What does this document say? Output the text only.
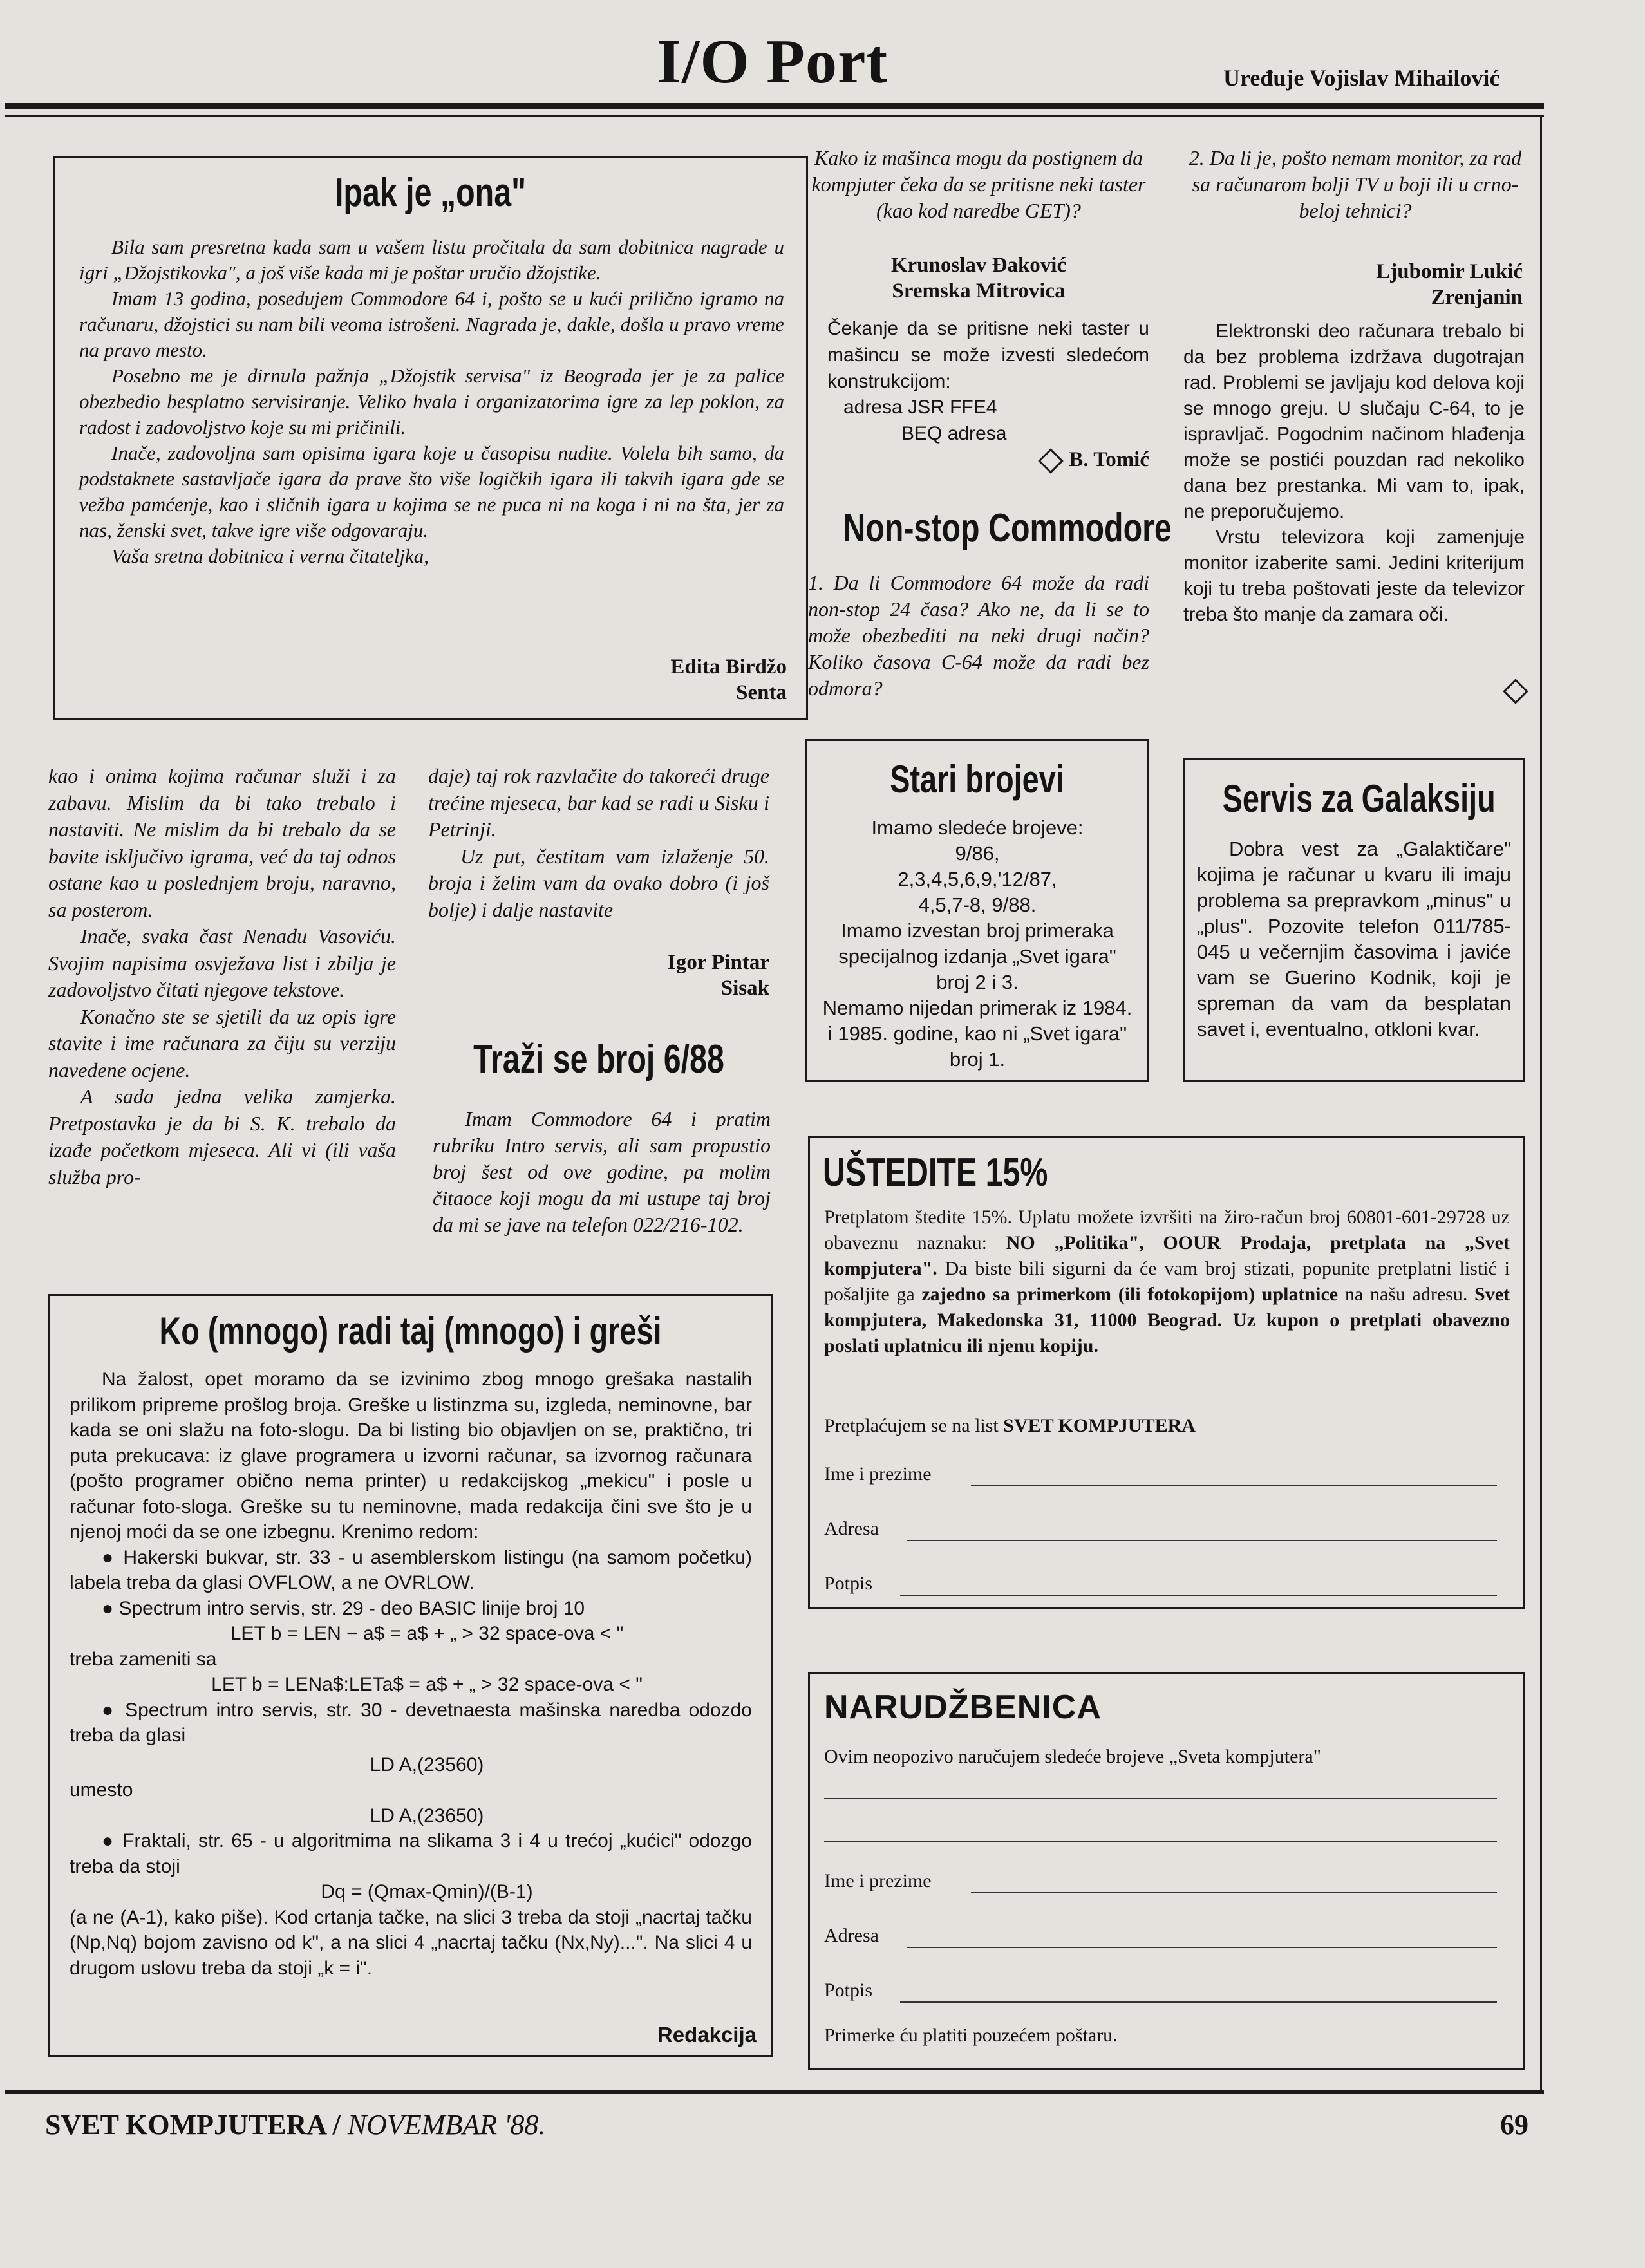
I/O Port	Uređuje Vojislav Mihailović
Ipak je „ona"

Bila sam presretna kada sam u vašem listu pročitala da sam dobitnica nagrade u igri „Džojstikovka", a još više kada mi je poštar uručio džojstike.

Imam 13 godina, posedujem Commodore 64 i, pošto se u kući prilično igramo na računaru, džojstici su nam bili veoma istrošeni. Nagrada je, dakle, došla u pravo vreme na pravo mesto.

Posebno me je dirnula pažnja „Džojstik servisa" iz Beograda jer je za palice obezbedio besplatno servisiranje. Veliko hvala i organizatorima igre za lep poklon, za radost i zadovoljstvo koje su mi pričinili.

Inače, zadovoljna sam opisima igara koje u časopisu nudite. Volela bih samo, da podstaknete sastavljače igara da prave što više logičkih igara ili takvih igara gde se vežba pamćenje, kao i sličnih igara u kojima se ne puca ni na koga i ni na šta, jer za nas, ženski svet, takve igre više odgovaraju.

Vaša sretna dobitnica i verna čitateljka,

Edita Birdžo
Senta
Kako iz mašinca mogu da postignem da kompjuter čeka da se pritisne neki taster (kao kod naredbe GET)?
Krunoslav Đaković
Sremska Mitrovica
Čekanje da se pritisne neki taster u mašincu se može izvesti sledećom konstrukcijom:
adresa JSR FFE4
BEQ adresa
B. Tomić
Non-stop Commodore
1. Da li Commodore 64 može da radi non-stop 24 časa? Ako ne, da li se to može obezbediti na neki drugi način? Koliko časova C-64 može da radi bez odmora?
2. Da li je, pošto nemam monitor, za rad sa računarom bolji TV u boji ili u crno-beloj tehnici?
Ljubomir Lukić
Zrenjanin

Elektronski deo računara trebalo bi da bez problema izdržava dugotrajan rad. Problemi se javljaju kod delova koji se mnogo greju. U slučaju C-64, to je ispravljač. Pogodnim načinom hlađenja može se postići pouzdan rad nekoliko dana bez prestanka. Mi vam to, ipak, ne preporučujemo.

Vrstu televizora koji zamenjuje monitor izaberite sami. Jedini kriterijum koji tu treba poštovati jeste da televizor treba što manje da zamara oči.

kao i onima kojima računar služi i za zabavu. Mislim da bi tako trebalo i nastaviti. Ne mislim da bi trebalo da se bavite isključivo igrama, već da taj odnos ostane kao u poslednjem broju, naravno, sa posterom.

Inače, svaka čast Nenadu Vasoviću. Svojim napisima osvježava list i zbilja je zadovoljstvo čitati njegove tekstove.

Konačno ste se sjetili da uz opis igre stavite i ime računara za čiju su verziju navedene ocjene.

A sada jedna velika zamjerka. Pretpostavka je da bi S. K. trebalo da izađe početkom mjeseca. Ali vi (ili vaša služba pro-

daje) taj rok razvlačite do takoreći druge trećine mjeseca, bar kad se radi u Sisku i Petrinji.

Uz put, čestitam vam izlaženje 50. broja i želim vam da ovako dobro (i još bolje) i dalje nastavite

Igor Pintar
Sisak
Traži se broj 6/88

Imam Commodore 64 i pratim rubriku Intro servis, ali sam propustio broj šest od ove godine, pa molim čitaoce koji mogu da mi ustupe taj broj da mi se jave na telefon 022/216-102.

Stari brojevi
Imamo sledeće brojeve:
9/86,
2,3,4,5,6,9,'12/87,
4,5,7-8, 9/88.
Imamo izvestan broj primeraka specijalnog izdanja „Svet igara" broj 2 i 3.
Nemamo nijedan primerak iz 1984. i 1985. godine, kao ni „Svet igara" broj 1.
Servis za Galaksiju

Dobra vest za „Galaktičare" kojima je računar u kvaru ili imaju problema sa prepravkom „minus" u „plus". Pozovite telefon 011/785-045 u večernjim časovima i javiće vam se Guerino Kodnik, koji je spreman da vam da besplatan savet i, eventualno, otkloni kvar.

Ko (mnogo) radi taj (mnogo) i greši

Na žalost, opet moramo da se izvinimo zbog mnogo grešaka nastalih prilikom pripreme prošlog broja. Greške u listinzma su, izgleda, neminovne, bar kada se oni slažu na foto-slogu. Da bi listing bio objavljen on se, praktično, tri puta prekucava: iz glave programera u izvorni računar, sa izvornog računara (pošto programer obično nema printer) u redakcijskog „mekicu" i posle u računar foto-sloga. Greške su tu neminovne, mada redakcija čini sve što je u njenoj moći da se one izbegnu. Krenimo redom:

● Hakerski bukvar, str. 33 - u asemblerskom listingu (na samom početku) labela treba da glasi OVFLOW, a ne OVRLOW.

● Spectrum intro servis, str. 29 - deo BASIC linije broj 10

LET b = LEN − a$ = a$ + „ > 32 space-ova < "

treba zameniti sa

LET b = LENa$:LETa$ = a$ + „ > 32 space-ova < "

● Spectrum intro servis, str. 30 - devetnaesta mašinska naredba odozdo treba da glasi

LD A,(23560)

umesto

LD A,(23650)

● Fraktali, str. 65 - u algoritmima na slikama 3 i 4 u trećoj „kućici" odozgo treba da stoji

Dq = (Qmax-Qmin)/(B-1)

(a ne (A-1), kako piše). Kod crtanja tačke, na slici 3 treba da stoji „nacrtaj tačku (Np,Nq) bojom zavisno od k", a na slici 4 „nacrtaj tačku (Nx,Ny)...". Na slici 4 u drugom uslovu treba da stoji „k = i".
Redakcija
UŠTEDITE 15%
Pretplatom štedite 15%. Uplatu možete izvršiti na žiro-račun broj 60801-601-29728 uz obaveznu naznaku: NO „Politika", OOUR Prodaja, pretplata na „Svet kompjutera". Da biste bili sigurni da će vam broj stizati, popunite pretplatni listić i pošaljite ga zajedno sa primerkom (ili fotokopijom) uplatnice na našu adresu. Svet kompjutera, Makedonska 31, 11000 Beograd. Uz kupon o pretplati obavezno poslati uplatnicu ili njenu kopiju.
Pretplaćujem se na list SVET KOMPJUTERA
Ime i prezime
Adresa
Potpis
NARUDŽBENICA
Ovim neopozivo naručujem sledeće brojeve „Sveta kompjutera"
Ime i prezime
Adresa
Potpis
Primerke ću platiti pouzećem poštaru.
SVET KOMPJUTERA / NOVEMBAR '88.	69
